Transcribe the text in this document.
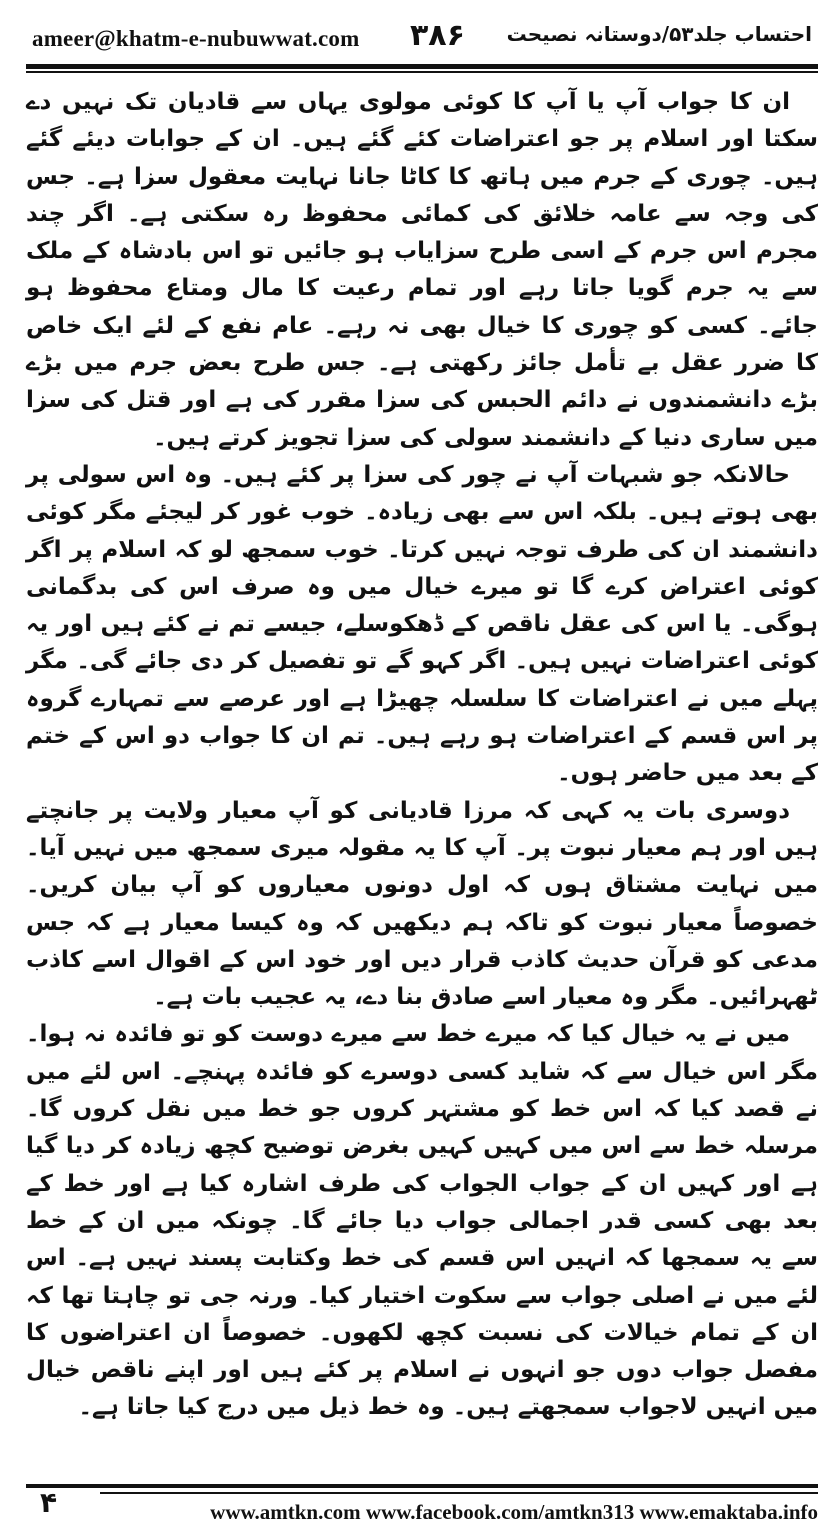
ameer@khatm-e-nubuwwat.com ۳۸۶ احتساب جلد۵۳/دوستانہ نصیحت

ان کا جواب آپ یا آپ کا کوئی مولوی یہاں سے قادیان تک نہیں دے سکتا اور اسلام پر جو اعتراضات کئے گئے ہیں۔ ان کے جوابات دیئے گئے ہیں۔ چوری کے جرم میں ہاتھ کا کاٹا جانا نہایت معقول سزا ہے۔ جس کی وجہ سے عامہ خلائق کی کمائی محفوظ رہ سکتی ہے۔ اگر چند مجرم اس جرم کے اسی طرح سزایاب ہو جائیں تو اس بادشاہ کے ملک سے یہ جرم گویا جاتا رہے اور تمام رعیت کا مال ومتاع محفوظ ہو جائے۔ کسی کو چوری کا خیال بھی نہ رہے۔ عام نفع کے لئے ایک خاص کا ضرر عقل بے تأمل جائز رکھتی ہے۔ جس طرح بعض جرم میں بڑے بڑے دانشمندوں نے دائم الحبس کی سزا مقرر کی ہے اور قتل کی سزا میں ساری دنیا کے دانشمند سولی کی سزا تجویز کرتے ہیں۔

حالانکہ جو شبہات آپ نے چور کی سزا پر کئے ہیں۔ وہ اس سولی پر بھی ہوتے ہیں۔ بلکہ اس سے بھی زیادہ۔ خوب غور کر لیجئے مگر کوئی دانشمند ان کی طرف توجہ نہیں کرتا۔ خوب سمجھ لو کہ اسلام پر اگر کوئی اعتراض کرے گا تو میرے خیال میں وہ صرف اس کی بدگمانی ہوگی۔ یا اس کی عقل ناقص کے ڈھکوسلے، جیسے تم نے کئے ہیں اور یہ کوئی اعتراضات نہیں ہیں۔ اگر کہو گے تو تفصیل کر دی جائے گی۔ مگر پہلے میں نے اعتراضات کا سلسلہ چھیڑا ہے اور عرصے سے تمہارے گروہ پر اس قسم کے اعتراضات ہو رہے ہیں۔ تم ان کا جواب دو اس کے ختم کے بعد میں حاضر ہوں۔

دوسری بات یہ کہی کہ مرزا قادیانی کو آپ معیار ولایت پر جانچتے ہیں اور ہم معیار نبوت پر۔ آپ کا یہ مقولہ میری سمجھ میں نہیں آیا۔ میں نہایت مشتاق ہوں کہ اول دونوں معیاروں کو آپ بیان کریں۔ خصوصاً معیار نبوت کو تاکہ ہم دیکھیں کہ وہ کیسا معیار ہے کہ جس مدعی کو قرآن حدیث کاذب قرار دیں اور خود اس کے اقوال اسے کاذب ٹھہرائیں۔ مگر وہ معیار اسے صادق بنا دے، یہ عجیب بات ہے۔

میں نے یہ خیال کیا کہ میرے خط سے میرے دوست کو تو فائدہ نہ ہوا۔ مگر اس خیال سے کہ شاید کسی دوسرے کو فائدہ پہنچے۔ اس لئے میں نے قصد کیا کہ اس خط کو مشتہر کروں جو خط میں نقل کروں گا۔ مرسلہ خط سے اس میں کہیں کہیں بغرض توضیح کچھ زیادہ کر دیا گیا ہے اور کہیں ان کے جواب الجواب کی طرف اشارہ کیا ہے اور خط کے بعد بھی کسی قدر اجمالی جواب دیا جائے گا۔ چونکہ میں ان کے خط سے یہ سمجھا کہ انہیں اس قسم کی خط وکتابت پسند نہیں ہے۔ اس لئے میں نے اصلی جواب سے سکوت اختیار کیا۔ ورنہ جی تو چاہتا تھا کہ ان کے تمام خیالات کی نسبت کچھ لکھوں۔ خصوصاً ان اعتراضوں کا مفصل جواب دوں جو انہوں نے اسلام پر کئے ہیں اور اپنے ناقص خیال میں انہیں لاجواب سمجھتے ہیں۔ وہ خط ذیل میں درج کیا جاتا ہے۔

۴	www.amtkn.com www.facebook.com/amtkn313 www.emaktaba.info
